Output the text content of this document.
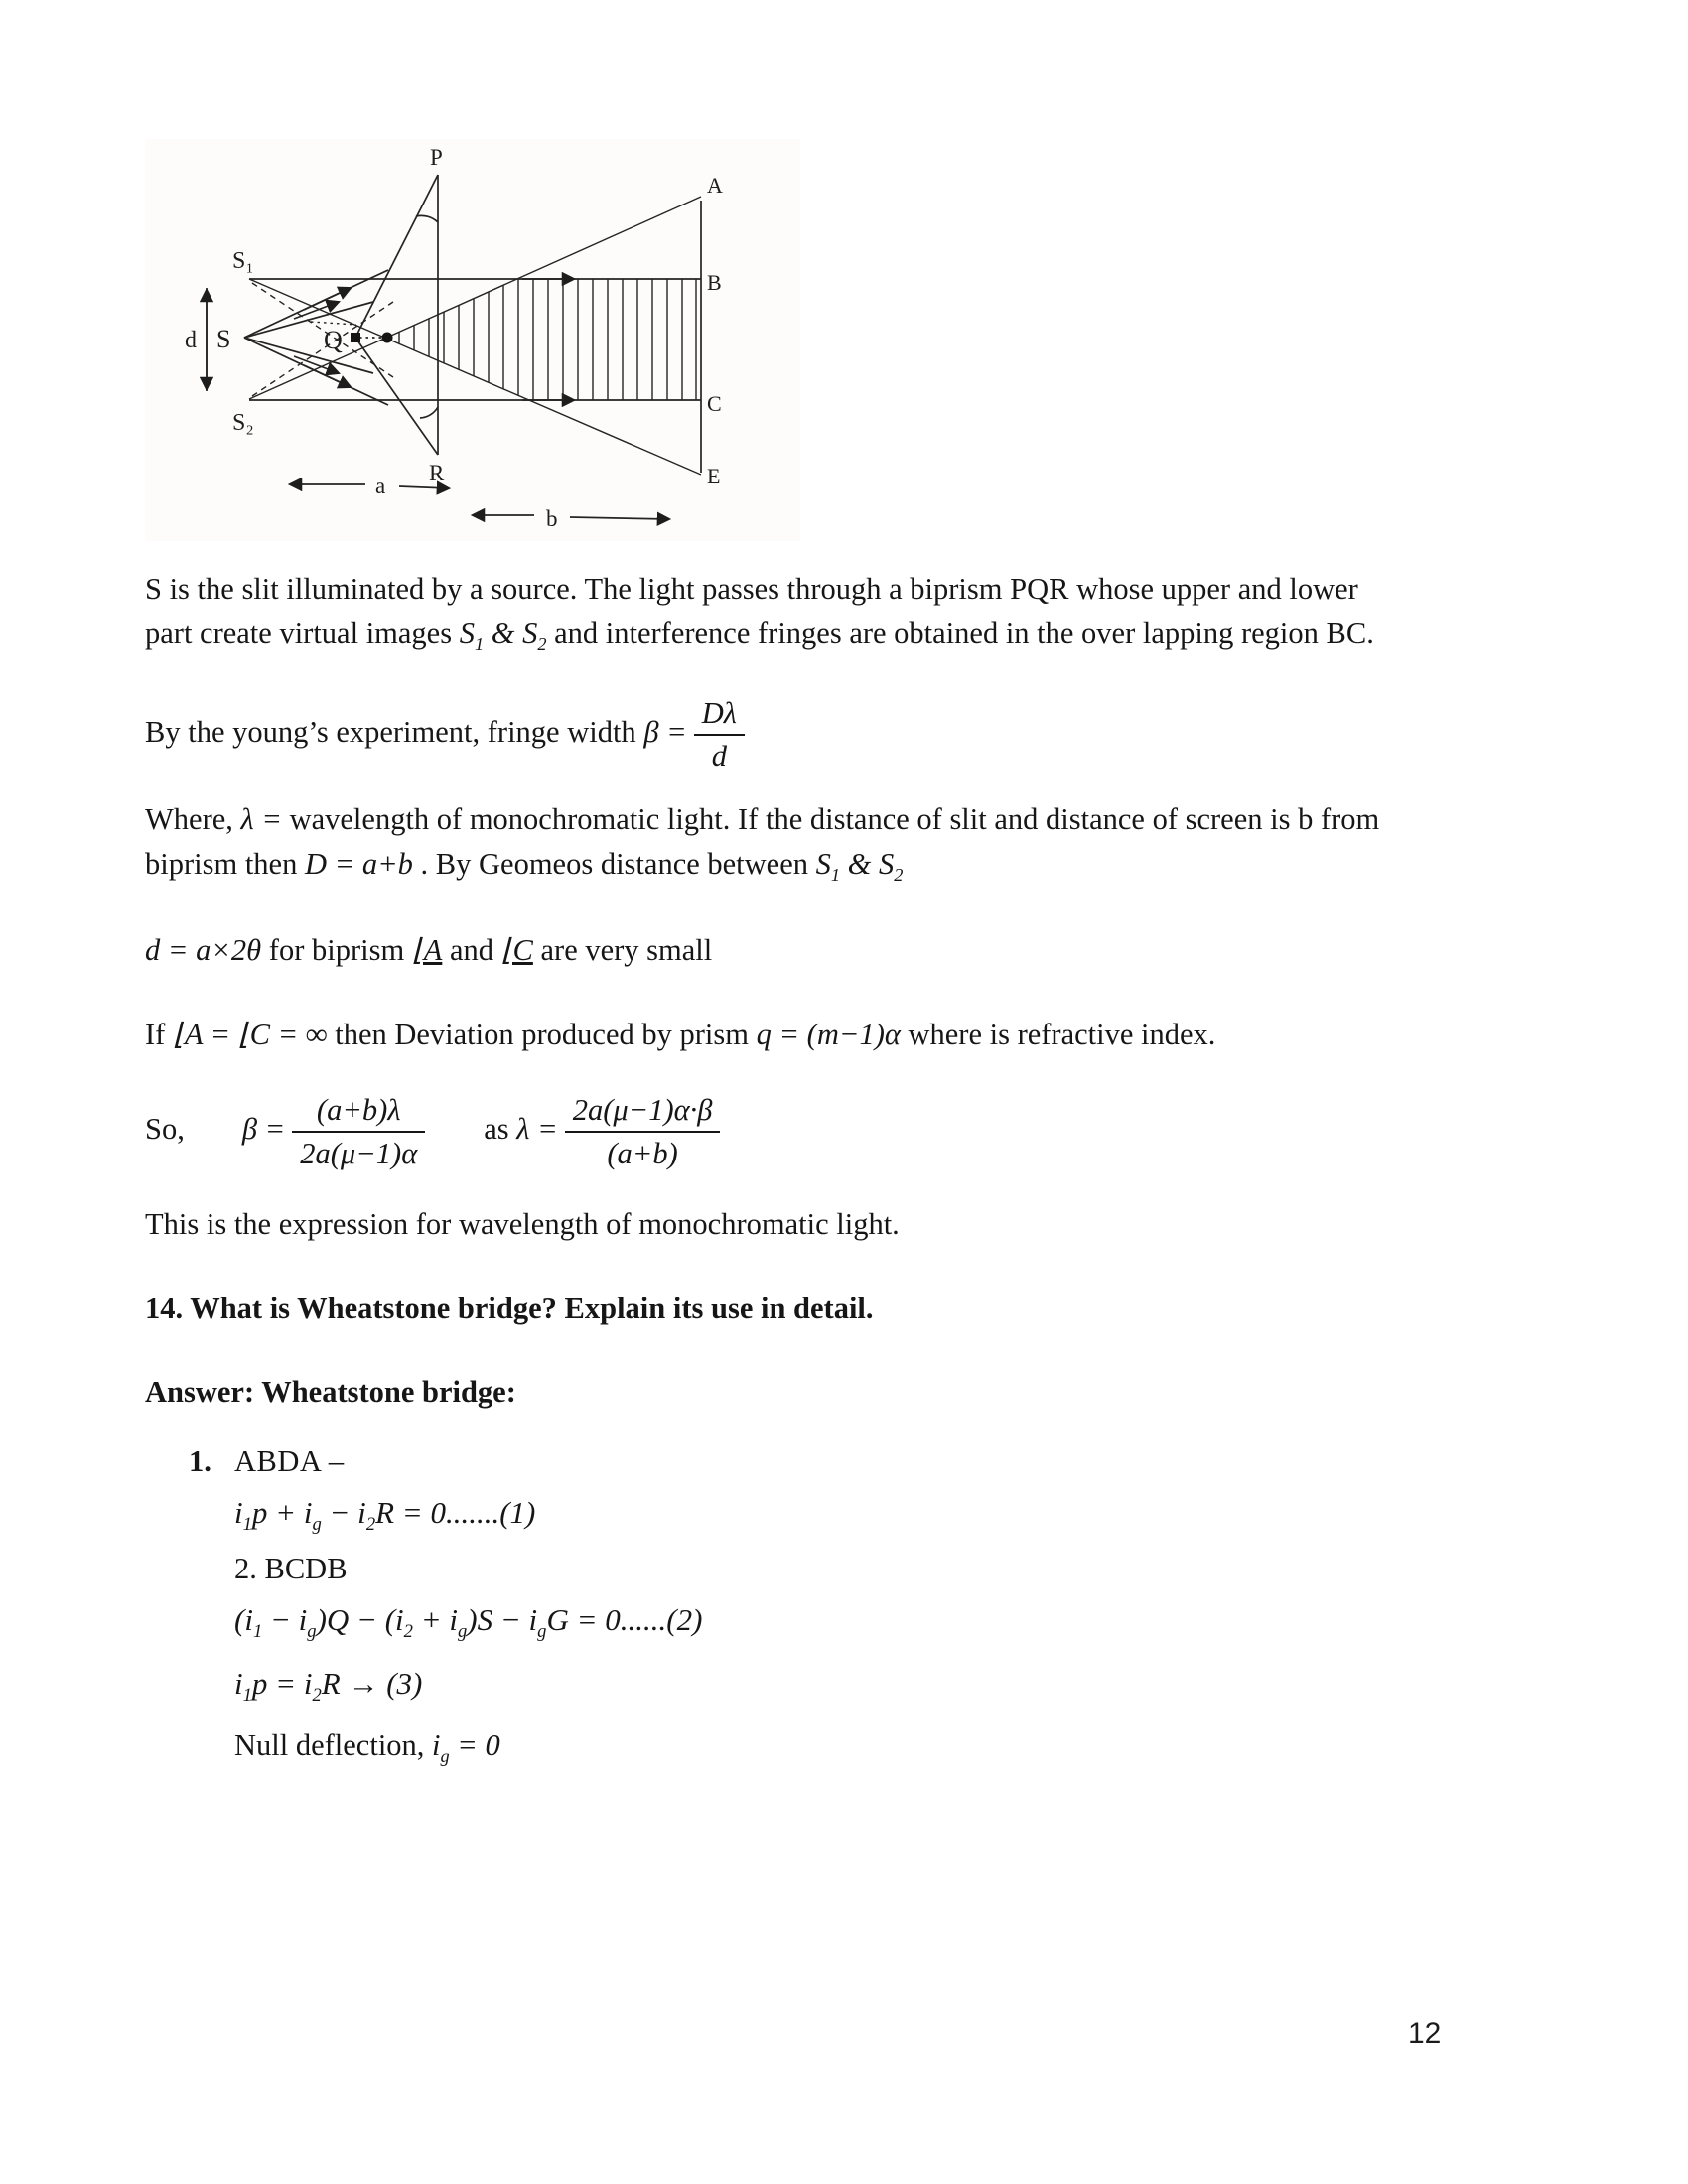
S₁
S₂
S
d	Q
P
R
A
B
C
E
a
b

S is the slit illuminated by a source. The light passes through a biprism PQR whose upper and lower part create virtual images $S_1$ & $S_2$ and interference fringes are obtained in the over lapping region BC.

By the young’s experiment, fringe width $\beta = \frac{D\lambda}{d}$

Where, λ = wavelength of monochromatic light. If the distance of slit and distance of screen is b from biprism then D = a+b . By Geomeos distance between $S_1$ & $S_2$

d = a×2θ for biprism ⌊A and ⌊C are very small

If ⌊A = ⌊C = ∞ then Deviation produced by prism q = (m−1)α where is refractive index.

So, $\beta = \frac{(a+b)\lambda}{2a(\mu-1)\alpha}$ as $\lambda = \frac{2a(\mu-1)\alpha\cdot\beta}{(a+b)}$

This is the expression for wavelength of monochromatic light.

14. What is Wheatstone bridge? Explain its use in detail.

Answer: Wheatstone bridge:

1. ABDA –
$i_1p + i_g - i_2R = 0.......(1)$
2. BCDB
$(i_1 - i_g)Q - (i_2 + i_g)S - i_gG = 0......(2)$
$i_1p = i_2R \to (3)$
Null deflection, $i_g = 0$
12
